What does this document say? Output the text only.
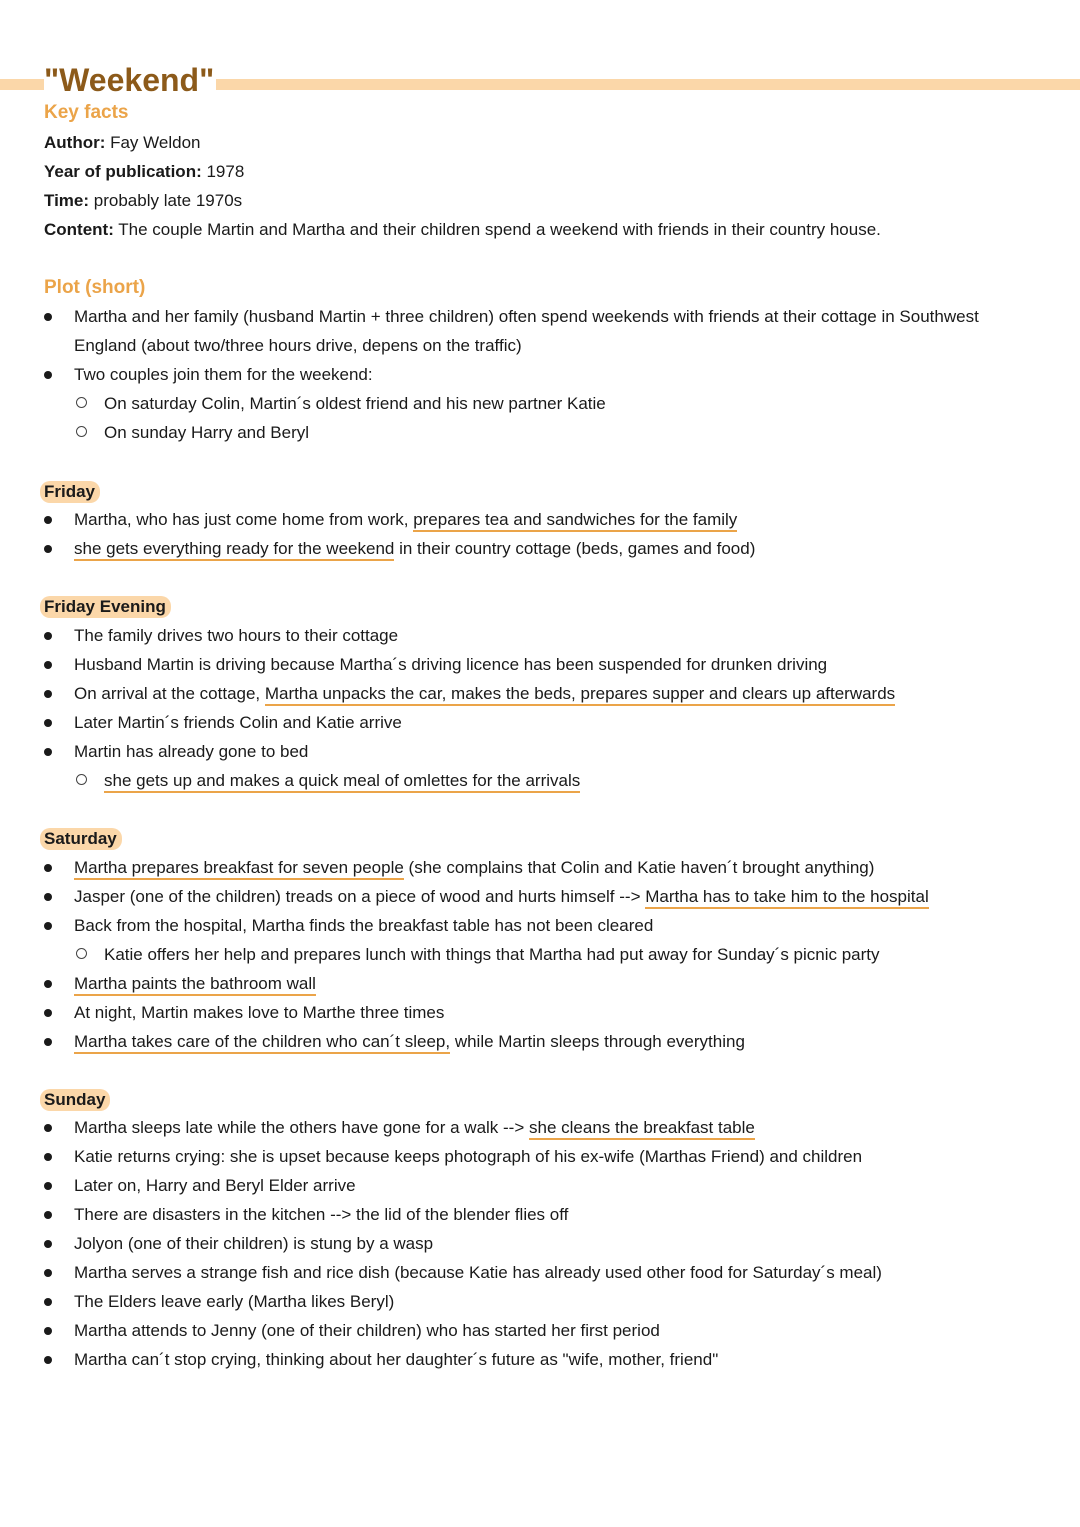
"Weekend"
Key facts
Author: Fay Weldon
Year of publication: 1978
Time: probably late 1970s
Content: The couple Martin and Martha and their children spend a weekend with friends in their country house.
Plot (short)
Martha and her family (husband Martin + three children) often spend weekends with friends at their cottage in Southwest
England (about two/three hours drive, depens on the traffic)
Two couples join them for the weekend:
On saturday Colin, Martin´s oldest friend and his new partner Katie
On sunday Harry and Beryl
Friday
Martha, who has just come home from work, prepares tea and sandwiches for the family
she gets everything ready for the weekend in their country cottage (beds, games and food)
Friday Evening
The family drives two hours to their cottage
Husband Martin is driving because Martha´s driving licence has been suspended for drunken driving
On arrival at the cottage, Martha unpacks the car, makes the beds, prepares supper and clears up afterwards
Later Martin´s friends Colin and Katie arrive
Martin has already gone to bed
she gets up and makes a quick meal of omlettes for the arrivals
Saturday
Martha prepares breakfast for seven people (she complains that Colin and Katie haven´t brought anything)
Jasper (one of the children) treads on a piece of wood and hurts himself --> Martha has to take him to the hospital
Back from the hospital, Martha finds the breakfast table has not been cleared
Katie offers her help and prepares lunch with things that Martha had put away for Sunday´s picnic party
Martha paints the bathroom wall
At night, Martin makes love to Marthe three times
Martha takes care of the children who can´t sleep, while Martin sleeps through everything
Sunday
Martha sleeps late while the others have gone for a walk --> she cleans the breakfast table
Katie returns crying: she is upset because keeps photograph of his ex-wife (Marthas Friend) and children
Later on, Harry and Beryl Elder arrive
There are disasters in the kitchen --> the lid of the blender flies off
Jolyon (one of their children) is stung by a wasp
Martha serves a strange fish and rice dish (because Katie has already used other food for Saturday´s meal)
The Elders leave early (Martha likes Beryl)
Martha attends to Jenny (one of their children) who has started her first period
Martha can´t stop crying, thinking about her daughter´s future as "wife, mother, friend"
